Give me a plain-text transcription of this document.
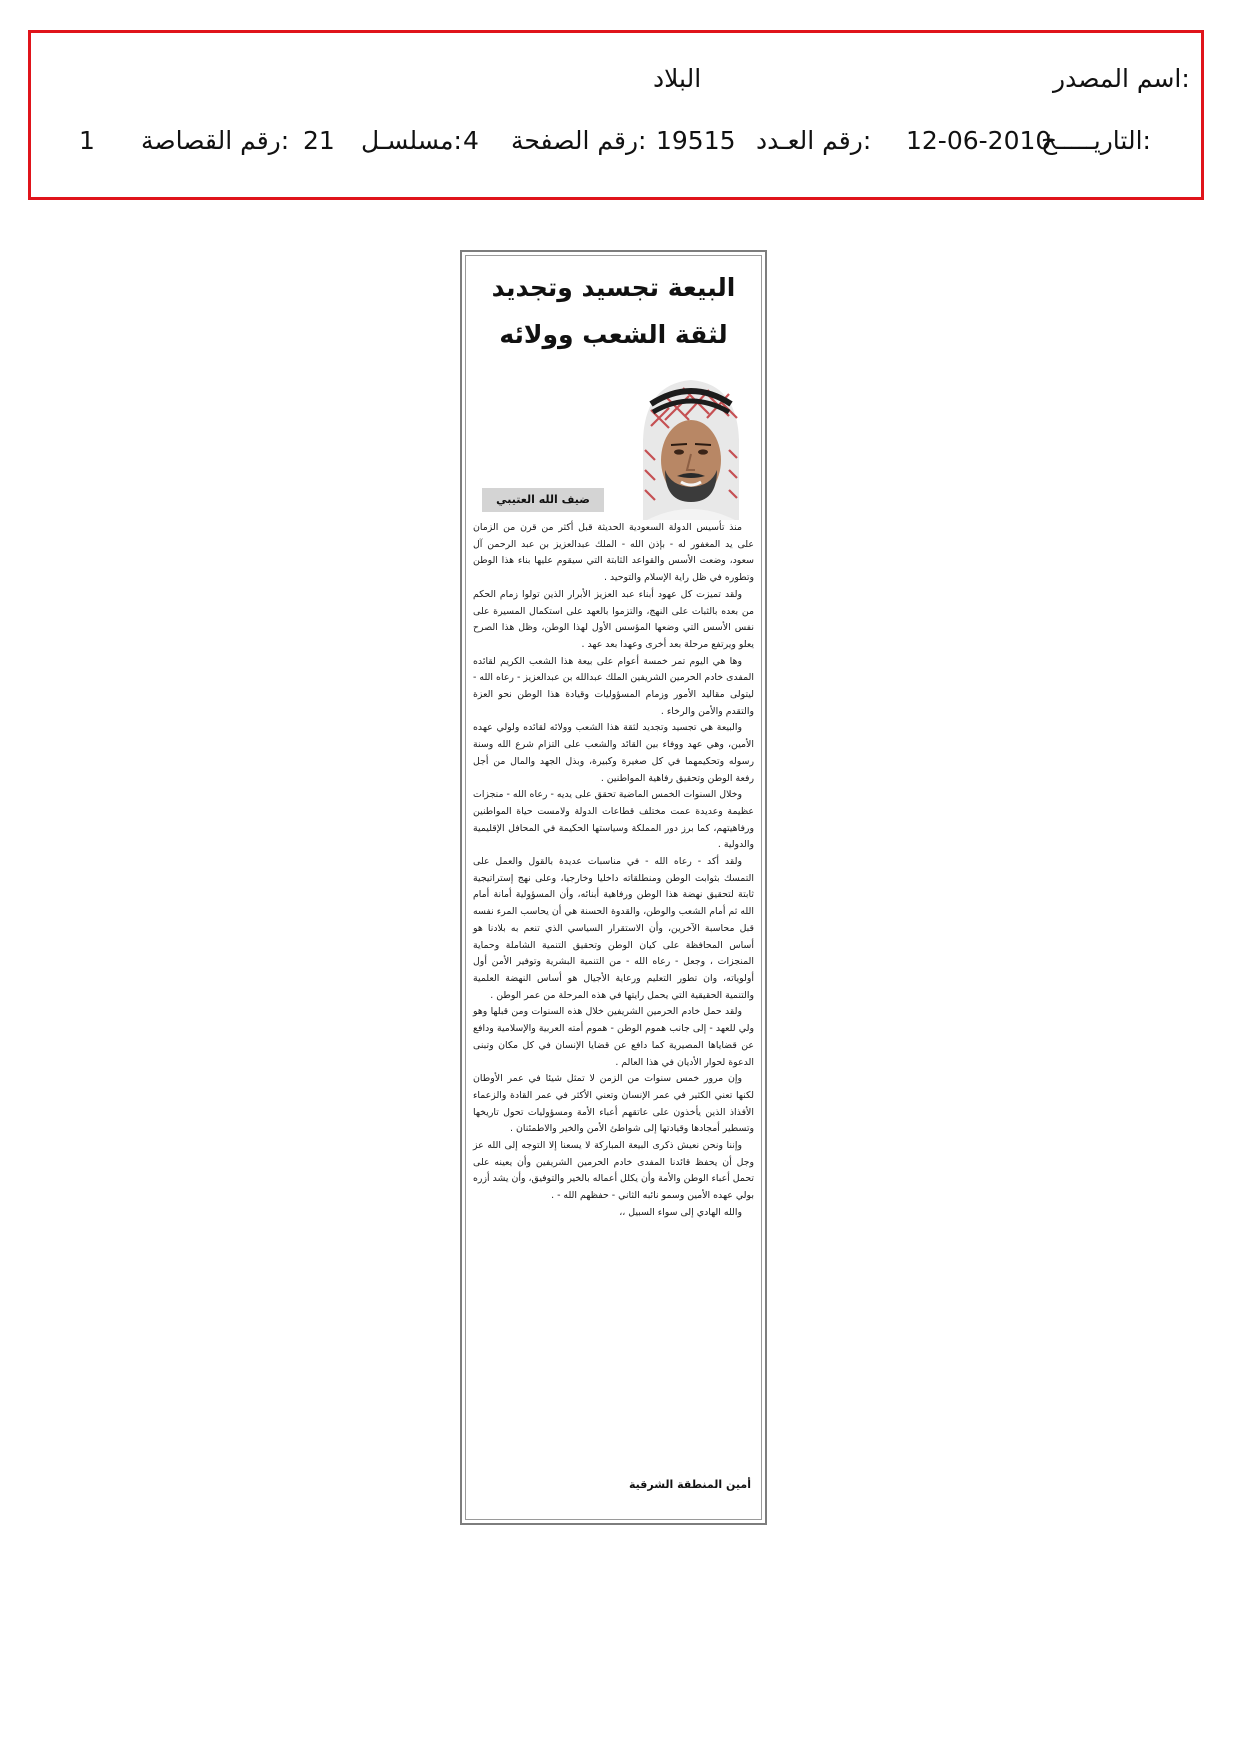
اسم المصدر:
البلاد
التاريـــــخ:
12-06-2010
رقم العـدد:
19515
رقم الصفحة:
4
مسلسـل:
21
رقم القصاصة:
1
البيعة تجسيد وتجديد
لثقة الشعب وولائه
ضيف الله العتيبي

منذ تأسيس الدولة السعودية الحديثة قبل أكثر من قرن من الزمان على يد المغفور له - بإذن الله - الملك عبدالعزيز بن عبد الرحمن آل سعود، وضعت الأسس والقواعد الثابتة التي سيقوم عليها بناء هذا الوطن وتطوره في ظل راية الإسلام والتوحيد .

ولقد تميزت كل عهود أبناء عبد العزيز الأبرار الذين تولوا زمام الحكم من بعده بالثبات على النهج، والتزموا بالعهد على استكمال المسيرة على نفس الأسس التي وضعها المؤسس الأول لهذا الوطن، وظل هذا الصرح يعلو ويرتفع مرحلة بعد أخرى وعهدا بعد عهد .

وها هي اليوم تمر خمسة أعوام على بيعة هذا الشعب الكريم لقائده المفدى خادم الحرمين الشريفين الملك عبدالله بن عبدالعزيز - رعاه الله - ليتولى مقاليد الأمور وزمام المسؤوليات وقيادة هذا الوطن نحو العزة والتقدم والأمن والرخاء .

والبيعة هي تجسيد وتجديد لثقة هذا الشعب وولائه لقائده ولولي عهده الأمين، وهي عهد ووفاء بين القائد والشعب على التزام شرع الله وسنة رسوله وتحكيمهما في كل صغيرة وكبيرة، وبذل الجهد والمال من أجل رفعة الوطن وتحقيق رفاهية المواطنين .

وخلال السنوات الخمس الماضية تحقق على يديه - رعاه الله - منجزات عظيمة وعديدة عمت مختلف قطاعات الدولة ولامست حياة المواطنين ورفاهيتهم، كما برز دور المملكة وسياستها الحكيمة في المحافل الإقليمية والدولية .

ولقد أكد - رعاه الله - في مناسبات عديدة بالقول والعمل على التمسك بثوابت الوطن ومنطلقاته داخليا وخارجيا، وعلى نهج إستراتيجية ثابتة لتحقيق نهضة هذا الوطن ورفاهية أبنائه، وأن المسؤولية أمانة أمام الله ثم أمام الشعب والوطن، والقدوة الحسنة هي أن يحاسب المرء نفسه قبل محاسبة الآخرين، وأن الاستقرار السياسي الذي تنعم به بلادنا هو أساس المحافظة على كيان الوطن وتحقيق التنمية الشاملة وحماية المنجزات ، وجعل - رعاه الله - من التنمية البشرية وتوفير الأمن أول أولوياته، وان تطور التعليم ورعاية الأجيال هو أساس النهضة العلمية والتنمية الحقيقية التي يحمل رايتها في هذه المرحلة من عمر الوطن .

ولقد حمل خادم الحرمين الشريفين خلال هذه السنوات ومن قبلها وهو ولي للعهد - إلى جانب هموم الوطن - هموم أمته العربية والإسلامية ودافع عن قضاياها المصيرية كما دافع عن قضايا الإنسان في كل مكان وتبنى الدعوة لحوار الأديان في هذا العالم .

وإن مرور خمس سنوات من الزمن لا تمثل شيئا في عمر الأوطان لكنها تعني الكثير في عمر الإنسان وتعني الأكثر في عمر القادة والزعماء الأفذاذ الذين يأخذون على عاتقهم أعباء الأمة ومسؤوليات تحول تاريخها وتسطير أمجادها وقيادتها إلى شواطئ الأمن والخير والاطمئنان .

وإننا ونحن نعيش ذكرى البيعة المباركة لا يسعنا إلا التوجه إلى الله عز وجل أن يحفظ قائدنا المفدى خادم الحرمين الشريفين وأن يعينه على تحمل أعباء الوطن والأمة وأن يكلل أعماله بالخير والتوفيق، وأن يشد أزره بولي عهده الأمين وسمو نائبه الثاني - حفظهم الله - .

والله الهادي إلى سواء السبيل ،،

أمين المنطقة الشرقية
